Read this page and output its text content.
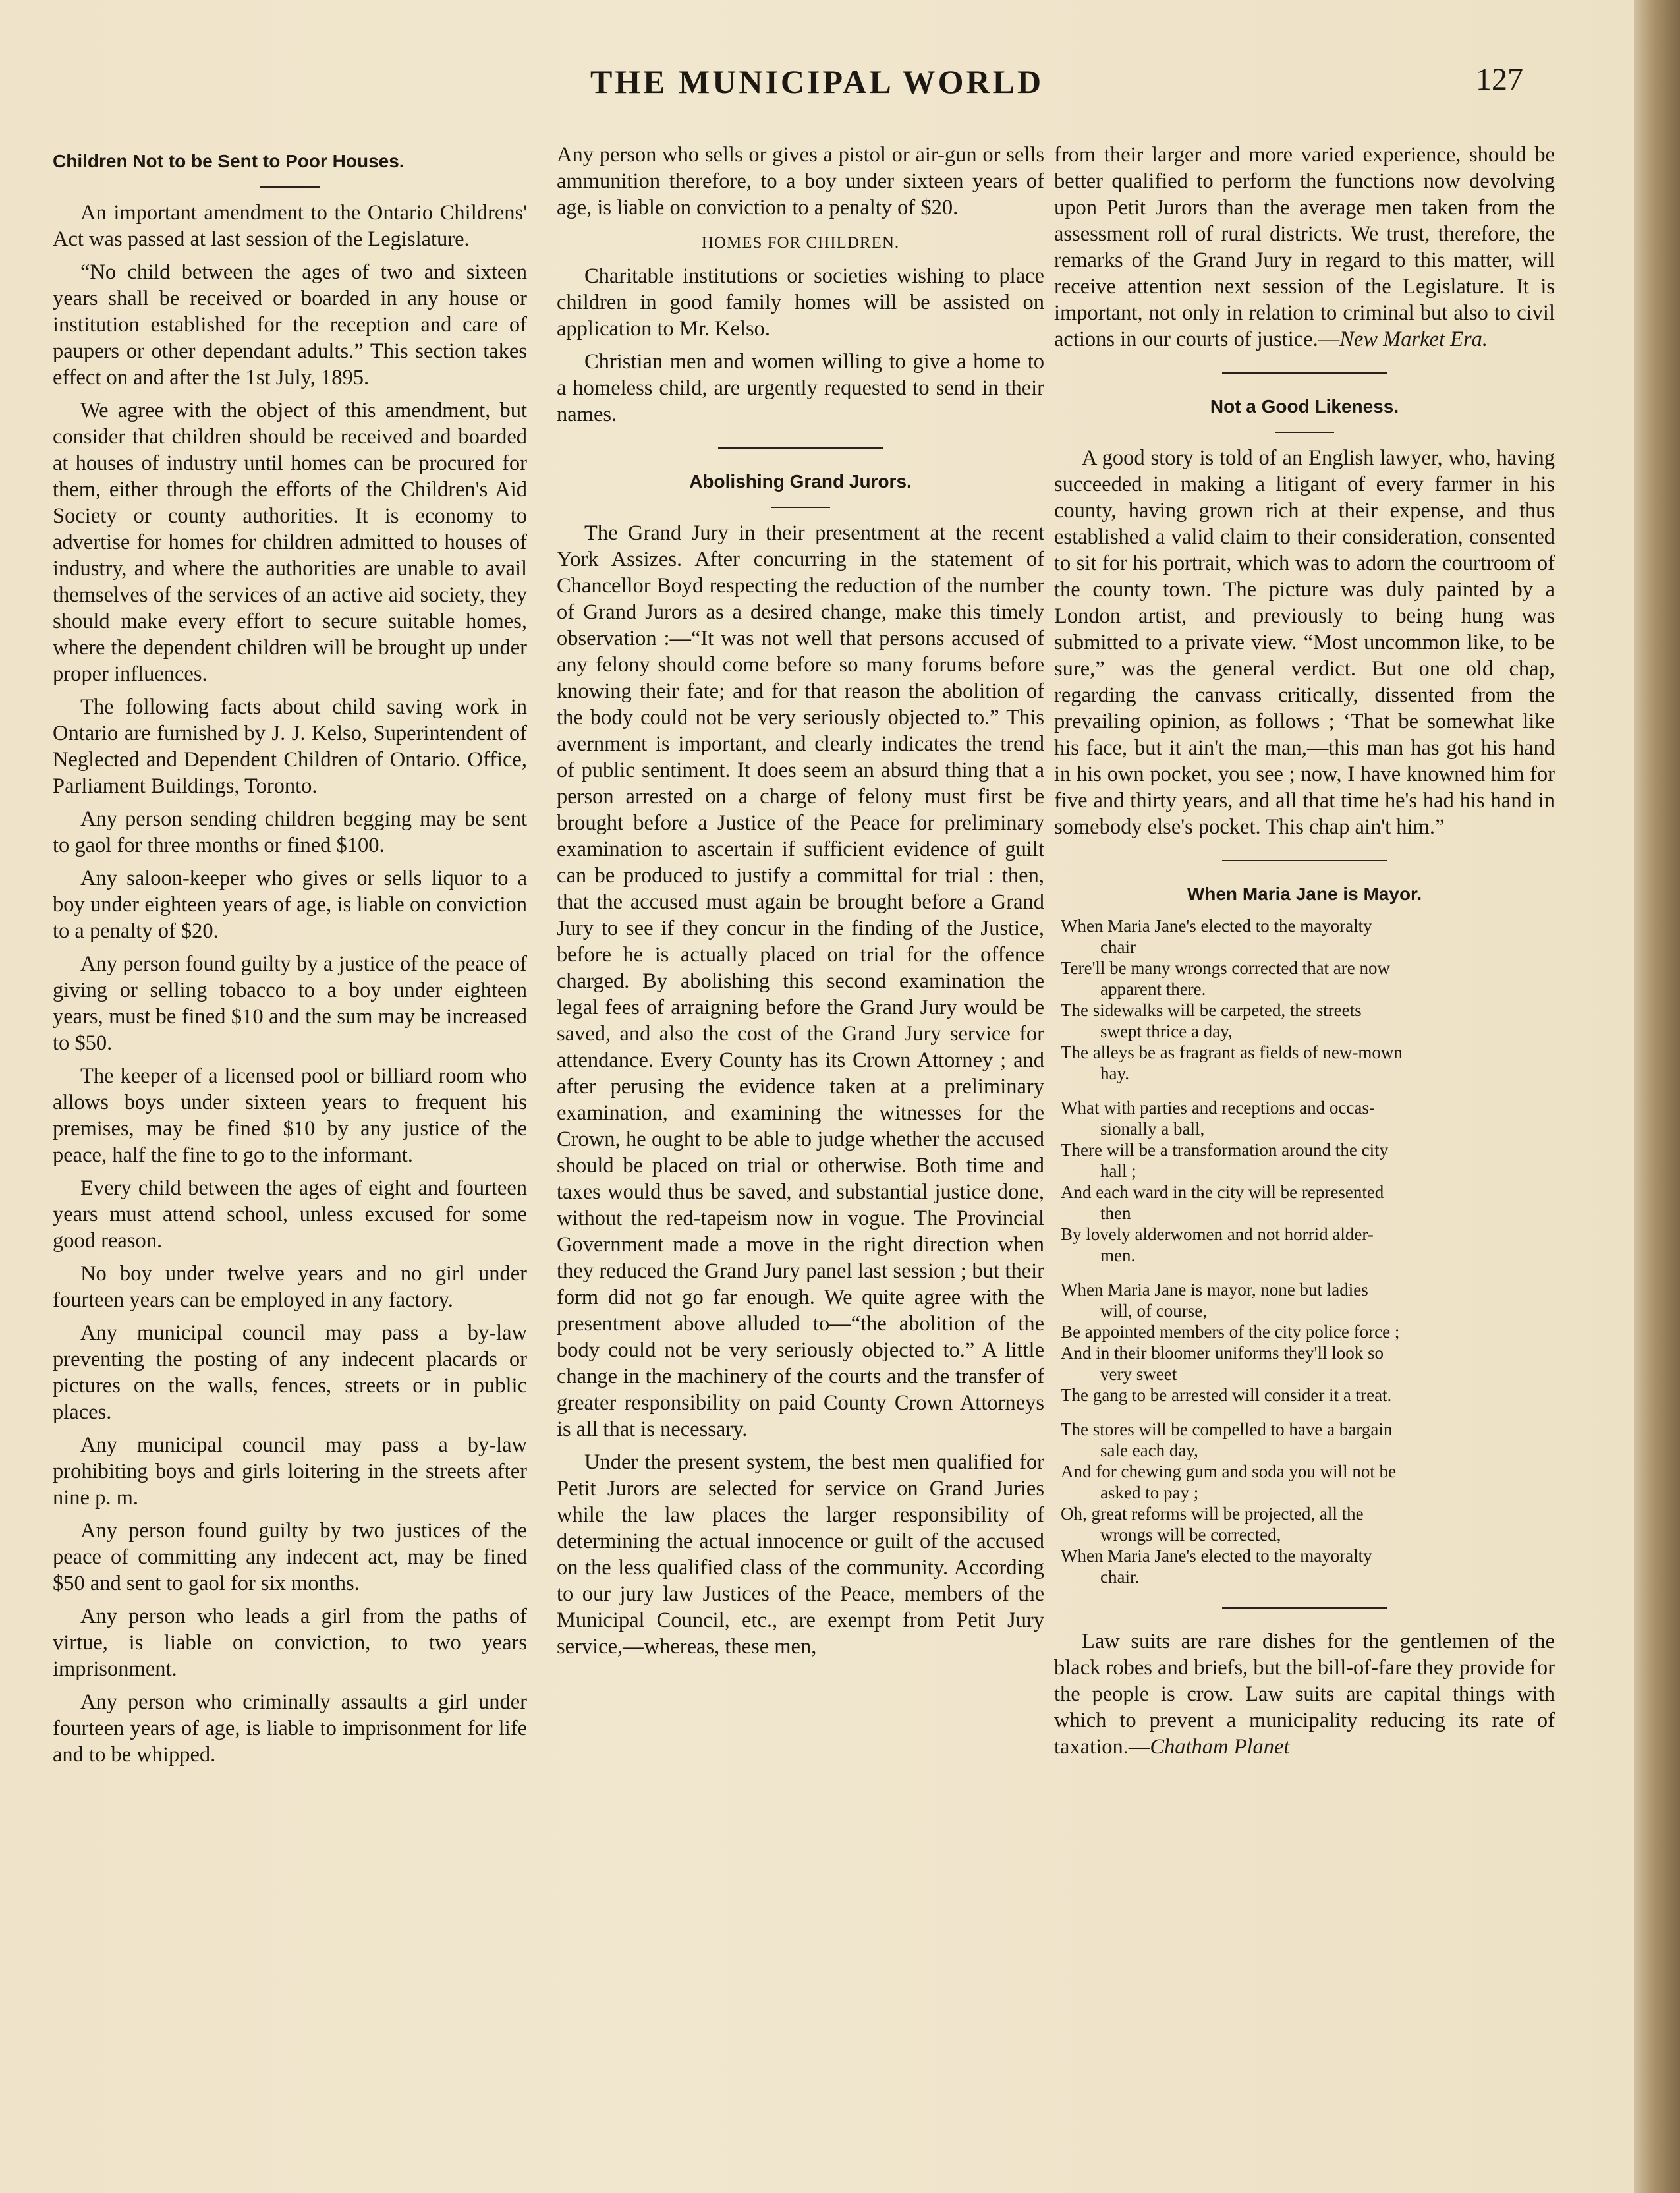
THE MUNICIPAL WORLD	127
Children Not to be Sent to Poor Houses.

An important amendment to the Ontario Childrens' Act was passed at last session of the Legislature.

“No child between the ages of two and sixteen years shall be received or boarded in any house or institution established for the reception and care of paupers or other dependant adults.” This section takes effect on and after the 1st July, 1895.

We agree with the object of this amendment, but consider that children should be received and boarded at houses of industry until homes can be procured for them, either through the efforts of the Children's Aid Society or county authorities. It is economy to advertise for homes for children admitted to houses of industry, and where the authorities are unable to avail themselves of the services of an active aid society, they should make every effort to secure suitable homes, where the dependent children will be brought up under proper influences.

The following facts about child saving work in Ontario are furnished by J. J. Kelso, Superintendent of Neglected and Dependent Children of Ontario. Office, Parliament Buildings, Toronto.

Any person sending children begging may be sent to gaol for three months or fined $100.

Any saloon-keeper who gives or sells liquor to a boy under eighteen years of age, is liable on conviction to a penalty of $20.

Any person found guilty by a justice of the peace of giving or selling tobacco to a boy under eighteen years, must be fined $10 and the sum may be increased to $50.

The keeper of a licensed pool or billiard room who allows boys under sixteen years to frequent his premises, may be fined $10 by any justice of the peace, half the fine to go to the informant.

Every child between the ages of eight and fourteen years must attend school, unless excused for some good reason.

No boy under twelve years and no girl under fourteen years can be employed in any factory.

Any municipal council may pass a by-law preventing the posting of any indecent placards or pictures on the walls, fences, streets or in public places.

Any municipal council may pass a by-law prohibiting boys and girls loitering in the streets after nine p. m.

Any person found guilty by two justices of the peace of committing any indecent act, may be fined $50 and sent to gaol for six months.

Any person who leads a girl from the paths of virtue, is liable on conviction, to two years imprisonment.

Any person who criminally assaults a girl under fourteen years of age, is liable to imprisonment for life and to be whipped.

Any person who sells or gives a pistol or air-gun or sells ammunition therefore, to a boy under sixteen years of age, is liable on conviction to a penalty of $20.

HOMES FOR CHILDREN.

Charitable institutions or societies wishing to place children in good family homes will be assisted on application to Mr. Kelso.

Christian men and women willing to give a home to a homeless child, are urgently requested to send in their names.

Abolishing Grand Jurors.

The Grand Jury in their presentment at the recent York Assizes. After concurring in the statement of Chancellor Boyd respecting the reduction of the number of Grand Jurors as a desired change, make this timely observation :—“It was not well that persons accused of any felony should come before so many forums before knowing their fate; and for that reason the abolition of the body could not be very seriously objected to.” This avernment is important, and clearly indicates the trend of public sentiment. It does seem an absurd thing that a person arrested on a charge of felony must first be brought before a Justice of the Peace for preliminary examination to ascertain if sufficient evidence of guilt can be produced to justify a committal for trial : then, that the accused must again be brought before a Grand Jury to see if they concur in the finding of the Justice, before he is actually placed on trial for the offence charged. By abolishing this second examination the legal fees of arraigning before the Grand Jury would be saved, and also the cost of the Grand Jury service for attendance. Every County has its Crown Attorney ; and after perusing the evidence taken at a preliminary examination, and examining the witnesses for the Crown, he ought to be able to judge whether the accused should be placed on trial or otherwise. Both time and taxes would thus be saved, and substantial justice done, without the red-tapeism now in vogue. The Provincial Government made a move in the right direction when they reduced the Grand Jury panel last session ; but their form did not go far enough. We quite agree with the presentment above alluded to—“the abolition of the body could not be very seriously objected to.” A little change in the machinery of the courts and the transfer of greater responsibility on paid County Crown Attorneys is all that is necessary.

Under the present system, the best men qualified for Petit Jurors are selected for service on Grand Juries while the law places the larger responsibility of determining the actual innocence or guilt of the accused on the less qualified class of the community. According to our jury law Justices of the Peace, members of the Municipal Council, etc., are exempt from Petit Jury service,—whereas, these men,

from their larger and more varied experience, should be better qualified to perform the functions now devolving upon Petit Jurors than the average men taken from the assessment roll of rural districts. We trust, therefore, the remarks of the Grand Jury in regard to this matter, will receive attention next session of the Legislature. It is important, not only in relation to criminal but also to civil actions in our courts of justice.—New Market Era.

Not a Good Likeness.

A good story is told of an English lawyer, who, having succeeded in making a litigant of every farmer in his county, having grown rich at their expense, and thus established a valid claim to their consideration, consented to sit for his portrait, which was to adorn the courtroom of the county town. The picture was duly painted by a London artist, and previously to being hung was submitted to a private view. “Most uncommon like, to be sure,” was the general verdict. But one old chap, regarding the canvass critically, dissented from the prevailing opinion, as follows ; ‘That be somewhat like his face, but it ain't the man,—this man has got his hand in his own pocket, you see ; now, I have knowned him for five and thirty years, and all that time he's had his hand in somebody else's pocket. This chap ain't him.”

When Maria Jane is Mayor.
When Maria Jane's elected to the mayoralty
chair
Tere'll be many wrongs corrected that are now
apparent there.
The sidewalks will be carpeted, the streets
swept thrice a day,
The alleys be as fragrant as fields of new-mown
hay.
What with parties and receptions and occas-
sionally a ball,
There will be a transformation around the city
hall ;
And each ward in the city will be represented
then
By lovely alderwomen and not horrid alder-
men.
When Maria Jane is mayor, none but ladies
will, of course,
Be appointed members of the city police force ;
And in their bloomer uniforms they'll look so
very sweet
The gang to be arrested will consider it a treat.
The stores will be compelled to have a bargain
sale each day,
And for chewing gum and soda you will not be
asked to pay ;
Oh, great reforms will be projected, all the
wrongs will be corrected,
When Maria Jane's elected to the mayoralty
chair.

Law suits are rare dishes for the gentlemen of the black robes and briefs, but the bill-of-fare they provide for the people is crow. Law suits are capital things with which to prevent a municipality reducing its rate of taxation.—Chatham Planet
